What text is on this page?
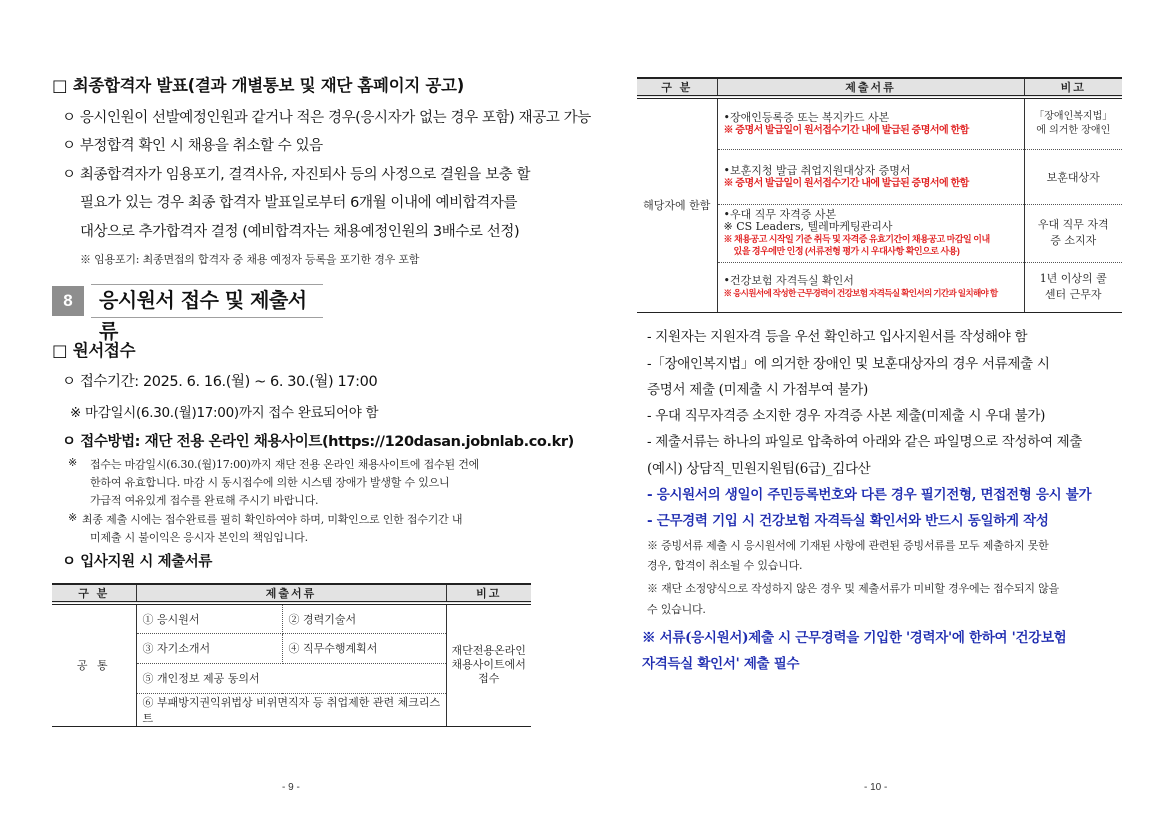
□ 최종합격자 발표(결과 개별통보 및 재단 홈페이지 공고)
ㅇ 응시인원이 선발예정인원과 같거나 적은 경우(응시자가 없는 경우 포함) 재공고 가능
ㅇ 부정합격 확인 시 채용을 취소할 수 있음
ㅇ 최종합격자가 임용포기, 결격사유, 자진퇴사 등의 사정으로 결원을 보충 할
필요가 있는 경우 최종 합격자 발표일로부터 6개월 이내에 예비합격자를
대상으로 추가합격자 결정 (예비합격자는 채용예정인원의 3배수로 선정)
※ 임용포기: 최종면접의 합격자 중 채용 예정자 등록을 포기한 경우 포함
8	응시원서 접수 및 제출서류
□ 원서접수
ㅇ 접수기간: 2025. 6. 16.(월) ~ 6. 30.(월) 17:00
※ 마감일시(6.30.(월)17:00)까지 접수 완료되어야 함
ㅇ 접수방법: 재단 전용 온라인 채용사이트(https://120dasan.jobnlab.co.kr)
※ 접수는 마감일시(6.30.(월)17:00)까지 재단 전용 온라인 채용사이트에 접수된 건에
한하여 유효합니다. 마감 시 동시접수에 의한 시스템 장애가 발생할 수 있으니
가급적 여유있게 접수를 완료해 주시기 바랍니다.
※ 최종 제출 시에는 접수완료를 필히 확인하여야 하며, 미확인으로 인한 접수기간 내
미제출 시 불이익은 응시자 본인의 책임입니다.
ㅇ 입사지원 시 제출서류
구 분	제출서류		비고
공 통	① 응시원서	② 경력기술서	재단전용온라인 채용사이트에서 접수
	③ 자기소개서	④ 직무수행계획서	
	⑤ 개인정보 제공 동의서		
	⑥ 부패방지권익위법상 비위면직자 등 취업제한 관련 체크리스트		
- 9 -
구 분	제출서류	비고
해당자에 한함	•장애인등록증 또는 복지카드 사본
※ 증명서 발급일이 원서접수기간 내에 발급된 증명서에 한함	「장애인복지법」에 의거한 장애인

	•보훈지청 발급 취업지원대상자 증명서
※ 증명서 발급일이 원서접수기간 내에 발급된 증명서에 한함	보훈대상자

	•우대 직무 자격증 사본
※ CS Leaders, 텔레마케팅관리사
※ 채용공고 시작일 기준 취득 및 자격증 유효기간이 채용공고 마감일 이내
있을 경우에만 인정 (서류전형 평가 시 우대사항 확인으로 사용)	우대 직무 자격증 소지자

	•건강보험 자격득실 확인서
※ 응시원서에 작성한 근무경력이 건강보험 자격득실 확인서의 기간과 일치해야 함	1년 이상의 콜센터 근무자
- 지원자는 지원자격 등을 우선 확인하고 입사지원서를 작성해야 함
-「장애인복지법」에 의거한 장애인 및 보훈대상자의 경우 서류제출 시
증명서 제출 (미제출 시 가점부여 불가)
- 우대 직무자격증 소지한 경우 자격증 사본 제출(미제출 시 우대 불가)
- 제출서류는 하나의 파일로 압축하여 아래와 같은 파일명으로 작성하여 제출
(예시) 상담직_민원지원팀(6급)_김다산
- 응시원서의 생일이 주민등록번호와 다른 경우 필기전형, 면접전형 응시 불가
- 근무경력 기입 시 건강보험 자격득실 확인서와 반드시 동일하게 작성
※ 증빙서류 제출 시 응시원서에 기재된 사항에 관련된 증빙서류를 모두 제출하지 못한
경우, 합격이 취소될 수 있습니다.
※ 재단 소정양식으로 작성하지 않은 경우 및 제출서류가 미비할 경우에는 접수되지 않을
수 있습니다.
※ 서류(응시원서)제출 시 근무경력을 기입한 '경력자'에 한하여 '건강보험
자격득실 확인서' 제출 필수
- 10 -
